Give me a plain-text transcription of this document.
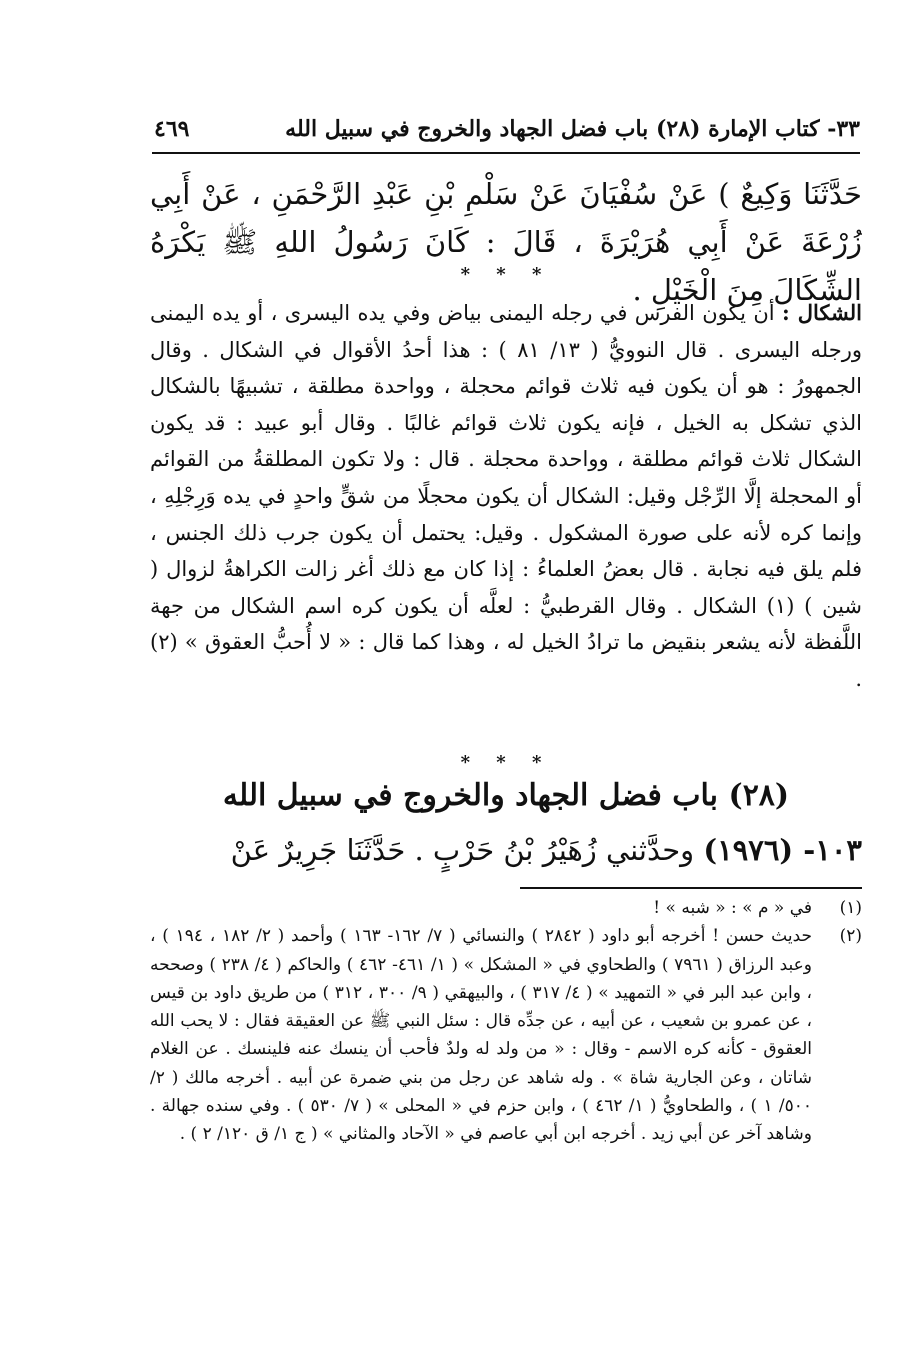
٣٣- كتاب الإمارة (٢٨) باب فضل الجهاد والخروج في سبيل الله
٤٦٩
حَدَّثَنَا وَكِيعٌ ) عَنْ سُفْيَانَ عَنْ سَلْمِ بْنِ عَبْدِ الرَّحْمَنِ ، عَنْ أَبِي زُرْعَةَ عَنْ أَبِي هُرَيْرَةَ ، قَالَ : كَانَ رَسُولُ اللهِ ﷺ يَكْرَهُ الشِّكَالَ مِنَ الْخَيْلِ .
* * *
الشكال : أن يكون الفرس في رجله اليمنى بياض وفي يده اليسرى ، أو يده اليمنى ورجله اليسرى . قال النوويُّ ( ١٣/ ٨١ ) : هذا أحدُ الأقوال في الشكال . وقال الجمهورُ : هو أن يكون فيه ثلاث قوائم محجلة ، وواحدة مطلقة ، تشبيهًا بالشكال الذي تشكل به الخيل ، فإنه يكون ثلاث قوائم غالبًا . وقال أبو عبيد : قد يكون الشكال ثلاث قوائم مطلقة ، وواحدة محجلة . قال : ولا تكون المطلقةُ من القوائم أو المحجلة إلَّا الرِّجْل وقيل: الشكال أن يكون محجلًا من شقٍّ واحدٍ في يده وَرِجْلِهِ ، وإنما كره لأنه على صورة المشكول . وقيل: يحتمل أن يكون جرب ذلك الجنس ، فلم يلق فيه نجابة . قال بعضُ العلماءُ : إذا كان مع ذلك أغر زالت الكراهةُ لزوال ( شين ) (١) الشكال . وقال القرطبيُّ : لعلَّه أن يكون كره اسم الشكال من جهة اللَّفظة لأنه يشعر بنقيض ما ترادُ الخيل له ، وهذا كما قال : « لا أُحبُّ العقوق » (٢) .
* * *
(٢٨) باب فضل الجهاد والخروج في سبيل الله
١٠٣- (١٩٧٦) وحدَّثني زُهَيْرُ بْنُ حَرْبٍ . حَدَّثَنَا جَرِيرٌ عَنْ
(١)
في « م » : « شبه » !
(٢)
حديث حسن ! أخرجه أبو داود ( ٢٨٤٢ ) والنسائي ( ٧/ ١٦٢- ١٦٣ ) وأحمد ( ٢/ ١٨٢ ، ١٩٤ ) ، وعبد الرزاق ( ٧٩٦١ ) والطحاوي في « المشكل » ( ١/ ٤٦١- ٤٦٢ ) والحاكم ( ٤/ ٢٣٨ ) وصححه ، وابن عبد البر في « التمهيد » ( ٤/ ٣١٧ ) ، والبيهقي ( ٩/ ٣٠٠ ، ٣١٢ ) من طريق داود بن قيس ، عن عمرو بن شعيب ، عن أبيه ، عن جدِّه قال : سئل النبي ﷺ عن العقيقة فقال : لا يحب الله العقوق - كأنه كره الاسم - وقال : « من ولد له ولدٌ فأحب أن ينسك عنه فلينسك . عن الغلام شاتان ، وعن الجارية شاة » . وله شاهد عن رجل من بني ضمرة عن أبيه . أخرجه مالك ( ٢/ ٥٠٠/ ١ ) ، والطحاويُّ ( ١/ ٤٦٢ ) ، وابن حزم في « المحلى » ( ٧/ ٥٣٠ ) . وفي سنده جهالة . وشاهد آخر عن أبي زيد . أخرجه ابن أبي عاصم في « الآحاد والمثاني » ( ج ١/ ق ١٢٠/ ٢ ) .
